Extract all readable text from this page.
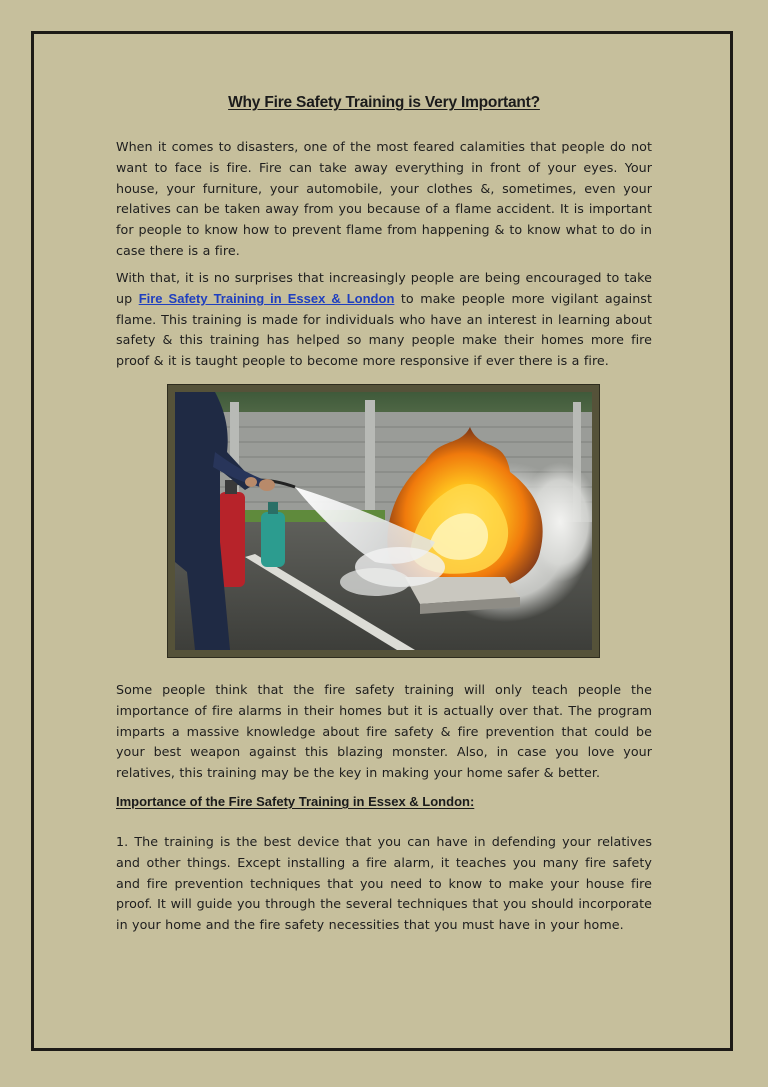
Why Fire Safety Training is Very Important?

When it comes to disasters, one of the most feared calamities that people do not want to face is fire. Fire can take away everything in front of your eyes. Your house, your furniture, your automobile, your clothes &, sometimes, even your relatives can be taken away from you because of a flame accident. It is important for people to know how to prevent flame from happening & to know what to do in case there is a fire.

With that, it is no surprises that increasingly people are being encouraged to take up Fire Safety Training in Essex & London to make people more vigilant against flame. This training is made for individuals who have an interest in learning about safety & this training has helped so many people make their homes more fire proof & it is taught people to become more responsive if ever there is a fire.

Some people think that the fire safety training will only teach people the importance of fire alarms in their homes but it is actually over that. The program imparts a massive knowledge about fire safety & fire prevention that could be your best weapon against this blazing monster. Also, in case you love your relatives, this training may be the key in making your home safer & better.

Importance of the Fire Safety Training in Essex & London:

1. The training is the best device that you can have in defending your relatives and other things. Except installing a fire alarm, it teaches you many fire safety and fire prevention techniques that you need to know to make your house fire proof. It will guide you through the several techniques that you should incorporate in your home and the fire safety necessities that you must have in your home.
